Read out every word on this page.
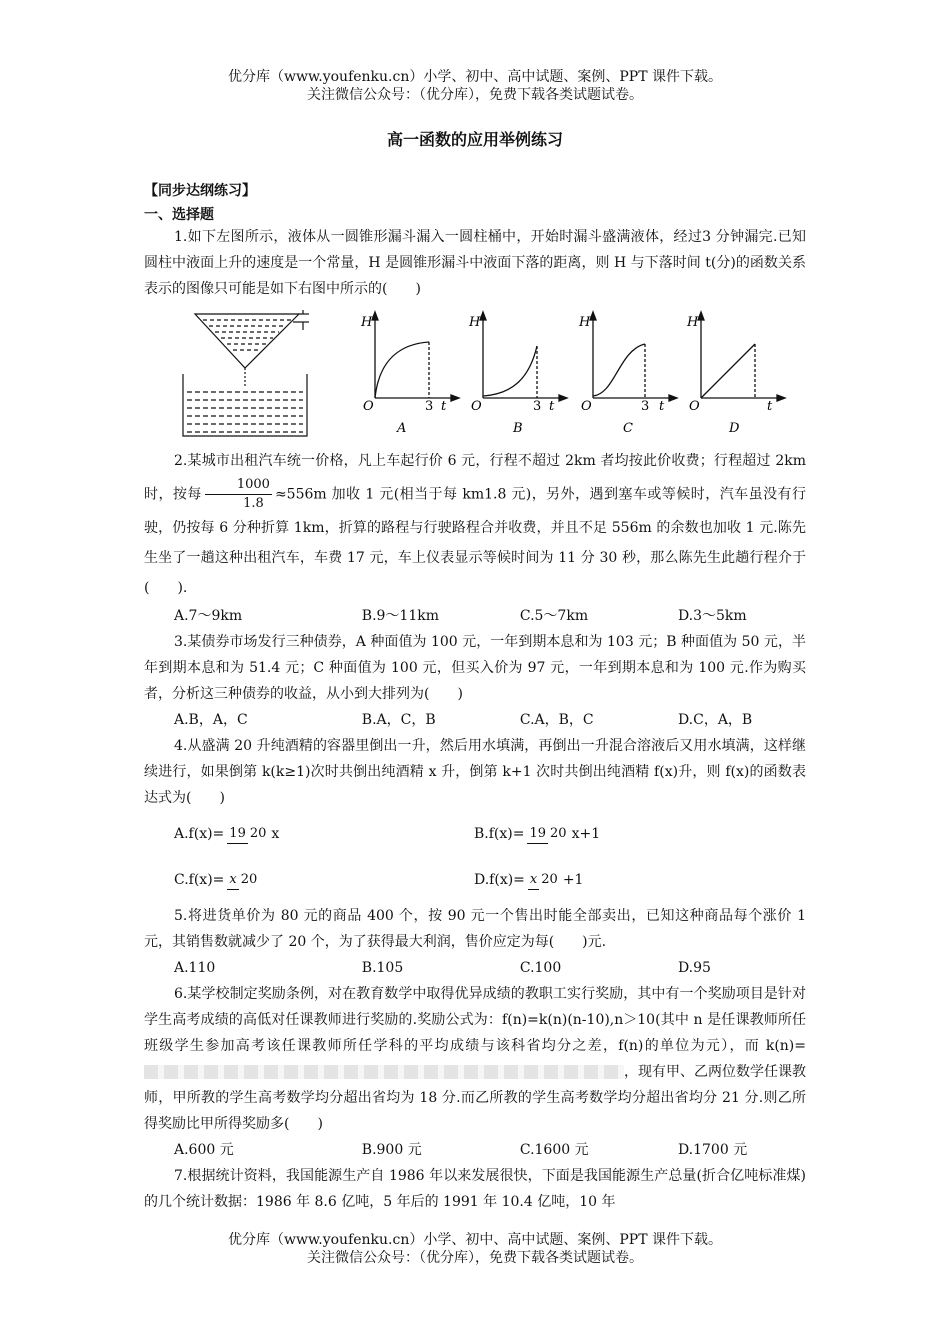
优分库（www.youfenku.cn）小学、初中、高中试题、案例、PPT 课件下载。
关注微信公众号：（优分库），免费下载各类试题试卷。
高一函数的应用举例练习
【同步达纲练习】
一、选择题

1.如下左图所示，液体从一圆锥形漏斗漏入一圆柱桶中，开始时漏斗盛满液体，经过3 分钟漏完.已知圆柱中液面上升的速度是一个常量，H 是圆锥形漏斗中液面下落的距离，则 H 与下落时间 t(分)的函数关系表示的图像只可能是如下右图中所示的(　　)

H
O	3 t
A
H
O	3 t
B
H
O	3 t
C
H
O	t
D

2.某城市出租汽车统一价格，凡上车起行价 6 元，行程不超过 2km 者均按此价收费；行程超过 2km 时，按每 $\frac{1000}{1.8} \approx 556m$ 加收 1 元(相当于每 km1.8 元)，另外，遇到塞车或等候时，汽车虽没有行驶，仍按每 6 分种折算 1km，折算的路程与行驶路程合并收费，并且不足 556m 的余数也加收 1 元.陈先生坐了一趟这种出租汽车，车费 17 元，车上仪表显示等候时间为 11 分 30 秒，那么陈先生此趟行程介于(　　).

A.7～9km	B.9～11km	C.5～7km	D.3～5km

3.某债券市场发行三种债券，A 种面值为 100 元，一年到期本息和为 103 元；B 种面值为 50 元，半年到期本息和为 51.4 元；C 种面值为 100 元，但买入价为 97 元，一年到期本息和为 100 元.作为购买者，分析这三种债券的收益，从小到大排列为(　　)

A.B，A，C	B.A，C，B	C.A，B，C	D.C，A，B

4.从盛满 20 升纯酒精的容器里倒出一升，然后用水填满，再倒出一升混合溶液后又用水填满，这样继续进行，如果倒第 k(k≥1)次时共倒出纯酒精 x 升，倒第 k+1 次时共倒出纯酒精 f(x)升，则 f(x)的函数表达式为(　　)

A.f(x)= 19 20 x	B.f(x)= 19 20 x+1
C.f(x)= x 20	D.f(x)= x 20 +1

5.将进货单价为 80 元的商品 400 个，按 90 元一个售出时能全部卖出，已知这种商品每个涨价 1 元，其销售数就减少了 20 个，为了获得最大利润，售价应定为每(　　)元.

A.110	B.105	C.100	D.95

6.某学校制定奖励条例，对在教育数学中取得优异成绩的教职工实行奖励，其中有一个奖励项目是针对学生高考成绩的高低对任课教师进行奖励的.奖励公式为：f(n)=k(n)(n-10),n＞10(其中 n 是任课教师所任班级学生参加高考该任课教师所任学科的平均成绩与该科省均分之差，f(n)的单位为元），而 k(n)=，现有甲、乙两位数学任课教师，甲所教的学生高考数学均分超出省均为 18 分.而乙所教的学生高考数学均分超出省均分 21 分.则乙所得奖励比甲所得奖励多(　　)

A.600 元	B.900 元	C.1600 元	D.1700 元

7.根据统计资料，我国能源生产自 1986 年以来发展很快，下面是我国能源生产总量(折合亿吨标准煤)的几个统计数据：1986 年 8.6 亿吨，5 年后的 1991 年 10.4 亿吨，10 年

优分库（www.youfenku.cn）小学、初中、高中试题、案例、PPT 课件下载。
关注微信公众号：（优分库），免费下载各类试题试卷。
